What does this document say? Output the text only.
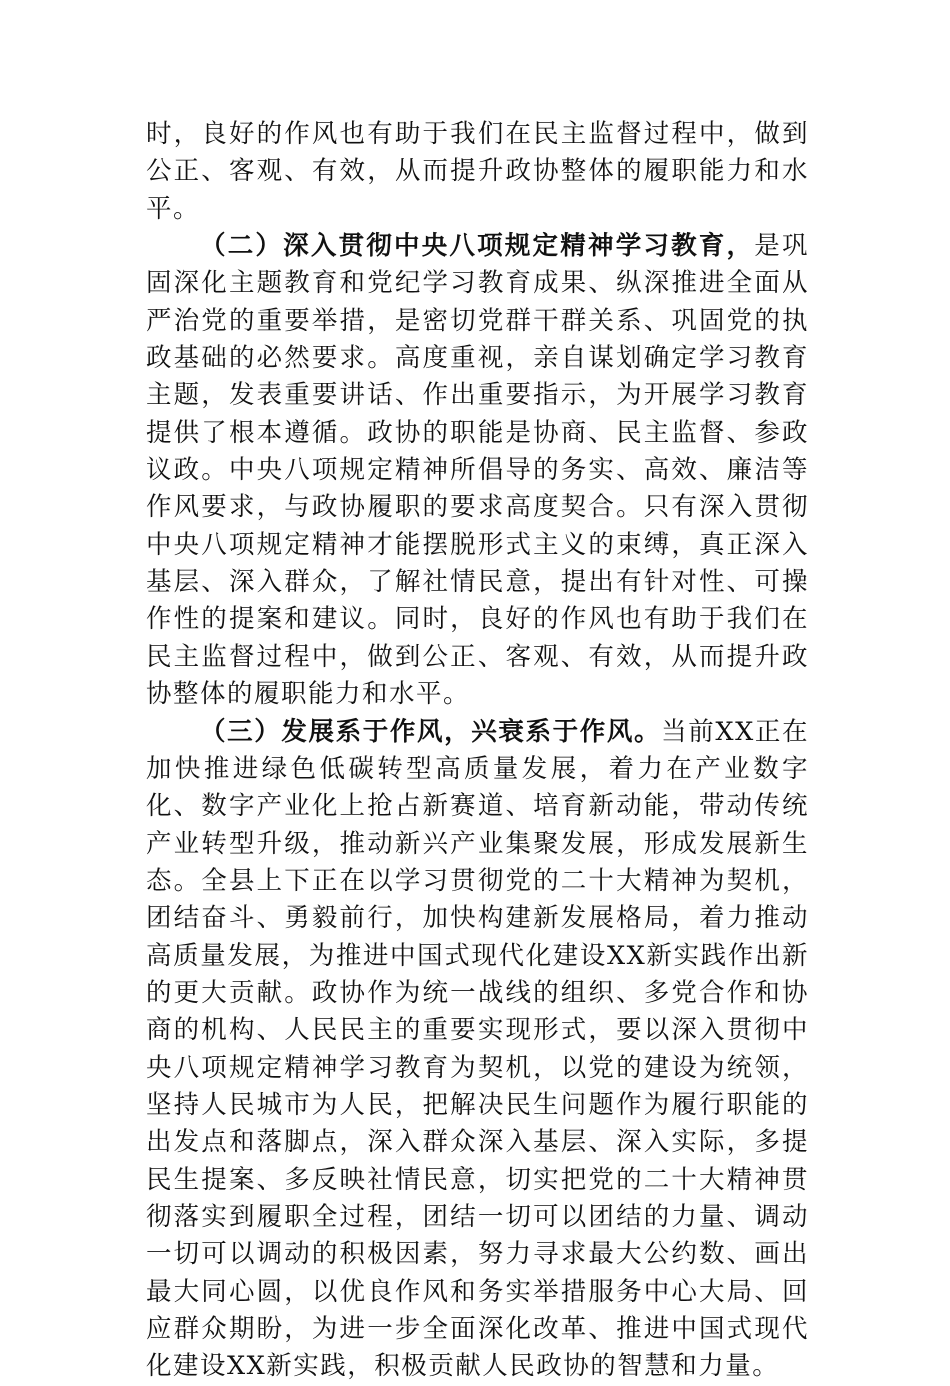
时，良好的作风也有助于我们在民主监督过程中，做到公正、客观、有效，从而提升政协整体的履职能力和水平。

（二）深入贯彻中央八项规定精神学习教育，是巩固深化主题教育和党纪学习教育成果、纵深推进全面从严治党的重要举措，是密切党群干群关系、巩固党的执政基础的必然要求。高度重视，亲自谋划确定学习教育主题，发表重要讲话、作出重要指示，为开展学习教育提供了根本遵循。政协的职能是协商、民主监督、参政议政。中央八项规定精神所倡导的务实、高效、廉洁等作风要求，与政协履职的要求高度契合。只有深入贯彻中央八项规定精神才能摆脱形式主义的束缚，真正深入基层、深入群众，了解社情民意，提出有针对性、可操作性的提案和建议。同时，良好的作风也有助于我们在民主监督过程中，做到公正、客观、有效，从而提升政协整体的履职能力和水平。

（三）发展系于作风，兴衰系于作风。当前XX正在加快推进绿色低碳转型高质量发展，着力在产业数字化、数字产业化上抢占新赛道、培育新动能，带动传统产业转型升级，推动新兴产业集聚发展，形成发展新生态。全县上下正在以学习贯彻党的二十大精神为契机，团结奋斗、勇毅前行，加快构建新发展格局，着力推动高质量发展，为推进中国式现代化建设XX新实践作出新的更大贡献。政协作为统一战线的组织、多党合作和协商的机构、人民民主的重要实现形式，要以深入贯彻中央八项规定精神学习教育为契机，以党的建设为统领，坚持人民城市为人民，把解决民生问题作为履行职能的出发点和落脚点，深入群众深入基层、深入实际，多提民生提案、多反映社情民意，切实把党的二十大精神贯彻落实到履职全过程，团结一切可以团结的力量、调动一切可以调动的积极因素，努力寻求最大公约数、画出最大同心圆，以优良作风和务实举措服务中心大局、回应群众期盼，为进一步全面深化改革、推进中国式现代化建设XX新实践，积极贡献人民政协的智慧和力量。
